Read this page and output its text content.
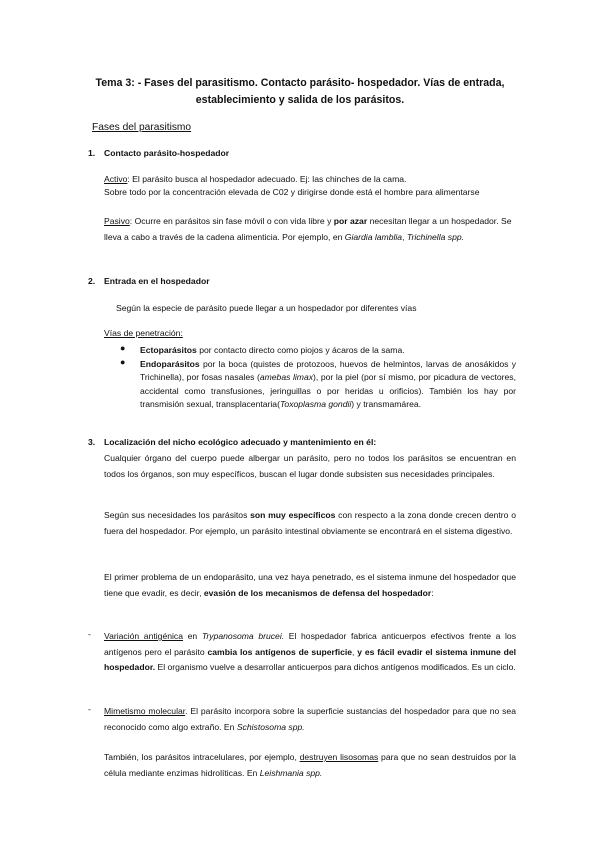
Tema 3: - Fases del parasitismo. Contacto parásito- hospedador. Vías de entrada,
establecimiento y salida de los parásitos.
Fases del parasitismo
1. Contacto parásito-hospedador
Activo: El parásito busca al hospedador adecuado. Ej: las chinches de la cama.
Sobre todo por la concentración elevada de C02 y dirigirse donde está el hombre para alimentarse
Pasivo: Ocurre en parásitos sin fase móvil o con vida libre y por azar necesitan llegar a un hospedador. Se lleva a cabo a través de la cadena alimenticia. Por ejemplo, en Giardia lamblia, Trichinella spp.
2. Entrada en el hospedador
Según la especie de parásito puede llegar a un hospedador por diferentes vías
Vías de penetración:
● Ectoparásitos por contacto directo como piojos y ácaros de la sama.
● Endoparásitos por la boca (quistes de protozoos, huevos de helmintos, larvas de anosákidos y Trichinella), por fosas nasales (amebas limax), por la piel (por sí mismo, por picadura de vectores, accidental como transfusiones, jeringuillas o por heridas u orificios). También los hay por transmisión sexual, transplacentaria(Toxoplasma gondii) y transmamárea.
3. Localización del nicho ecológico adecuado y mantenimiento en él:
Cualquier órgano del cuerpo puede albergar un parásito, pero no todos los parásitos se encuentran en todos los órganos, son muy específicos, buscan el lugar donde subsisten sus necesidades principales.
Según sus necesidades los parásitos son muy específicos con respecto a la zona donde crecen dentro o fuera del hospedador. Por ejemplo, un parásito intestinal obviamente se encontrará en el sistema digestivo.
El primer problema de un endoparásito, una vez haya penetrado, es el sistema inmune del hospedador que tiene que evadir, es decir, evasión de los mecanismos de defensa del hospedador:
- Variación antigénica en Trypanosoma brucei. El hospedador fabrica anticuerpos efectivos frente a los antígenos pero el parásito cambia los antígenos de superficie, y es fácil evadir el sistema inmune del hospedador. El organismo vuelve a desarrollar anticuerpos para dichos antígenos modificados. Es un ciclo.
- Mimetismo molecular. El parásito incorpora sobre la superficie sustancias del hospedador para que no sea reconocido como algo extraño. En Schistosoma spp.
También, los parásitos intracelulares, por ejemplo, destruyen lisosomas para que no sean destruidos por la célula mediante enzimas hidrolíticas. En Leishmania spp.
